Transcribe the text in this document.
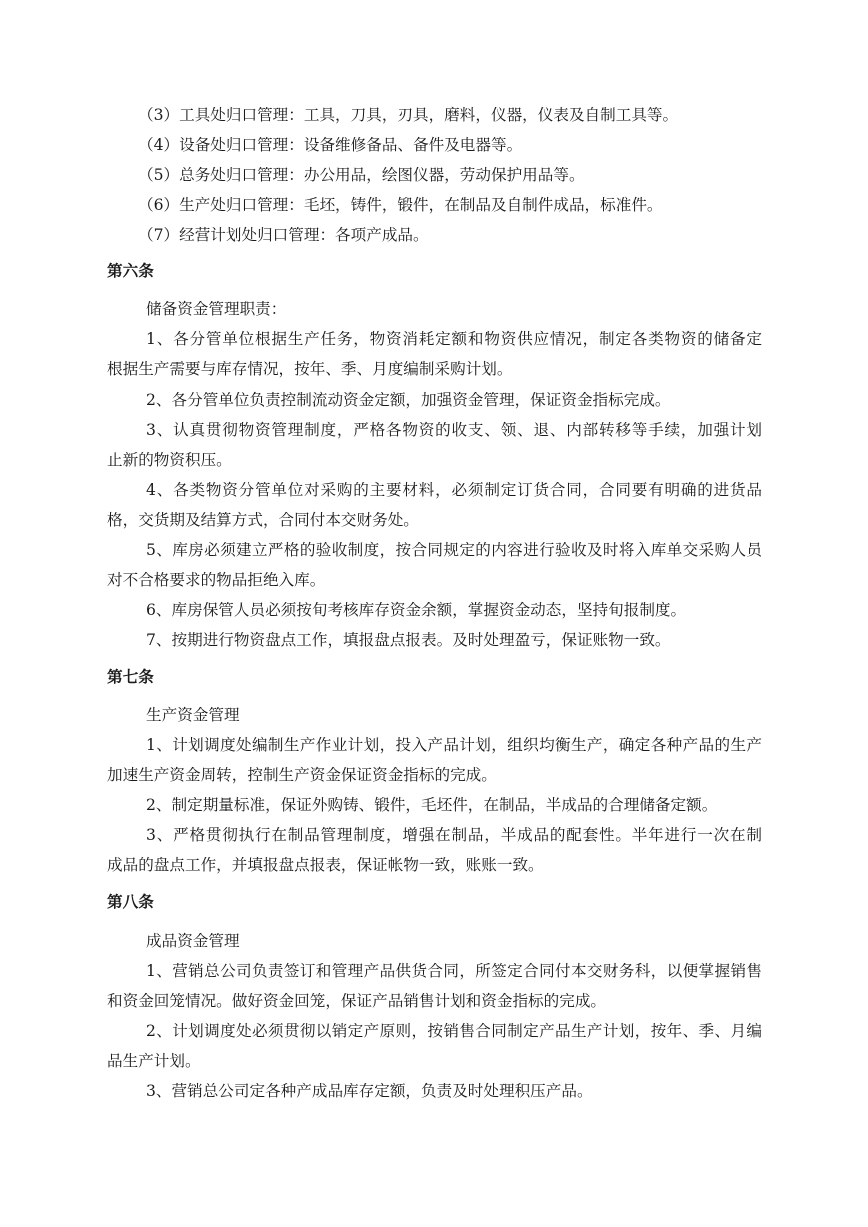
（3）工具处归口管理：工具，刀具，刃具，磨料，仪器，仪表及自制工具等。

（4）设备处归口管理：设备维修备品、备件及电器等。

（5）总务处归口管理：办公用品，绘图仪器，劳动保护用品等。

（6）生产处归口管理：毛坯，铸件，锻件，在制品及自制件成品，标准件。

（7）经营计划处归口管理：各项产成品。

第六条

储备资金管理职责：

1、各分管单位根据生产任务，物资消耗定额和物资供应情况，制定各类物资的储备定

根据生产需要与库存情况，按年、季、月度编制采购计划。

2、各分管单位负责控制流动资金定额，加强资金管理，保证资金指标完成。

3、认真贯彻物资管理制度，严格各物资的收支、领、退、内部转移等手续，加强计划

止新的物资积压。

4、各类物资分管单位对采购的主要材料，必须制定订货合同，合同要有明确的进货品

格，交货期及结算方式，合同付本交财务处。

5、库房必须建立严格的验收制度，按合同规定的内容进行验收及时将入库单交采购人员

对不合格要求的物品拒绝入库。

6、库房保管人员必须按旬考核库存资金余额，掌握资金动态，坚持旬报制度。

7、按期进行物资盘点工作，填报盘点报表。及时处理盈亏，保证账物一致。

第七条

生产资金管理

1、计划调度处编制生产作业计划，投入产品计划，组织均衡生产，确定各种产品的生产

加速生产资金周转，控制生产资金保证资金指标的完成。

2、制定期量标准，保证外购铸、锻件，毛坯件，在制品，半成品的合理储备定额。

3、严格贯彻执行在制品管理制度，增强在制品，半成品的配套性。半年进行一次在制

成品的盘点工作，并填报盘点报表，保证帐物一致，账账一致。

第八条

成品资金管理

1、营销总公司负责签订和管理产品供货合同，所签定合同付本交财务科，以便掌握销售

和资金回笼情况。做好资金回笼，保证产品销售计划和资金指标的完成。

2、计划调度处必须贯彻以销定产原则，按销售合同制定产品生产计划，按年、季、月编

品生产计划。

3、营销总公司定各种产成品库存定额，负责及时处理积压产品。
